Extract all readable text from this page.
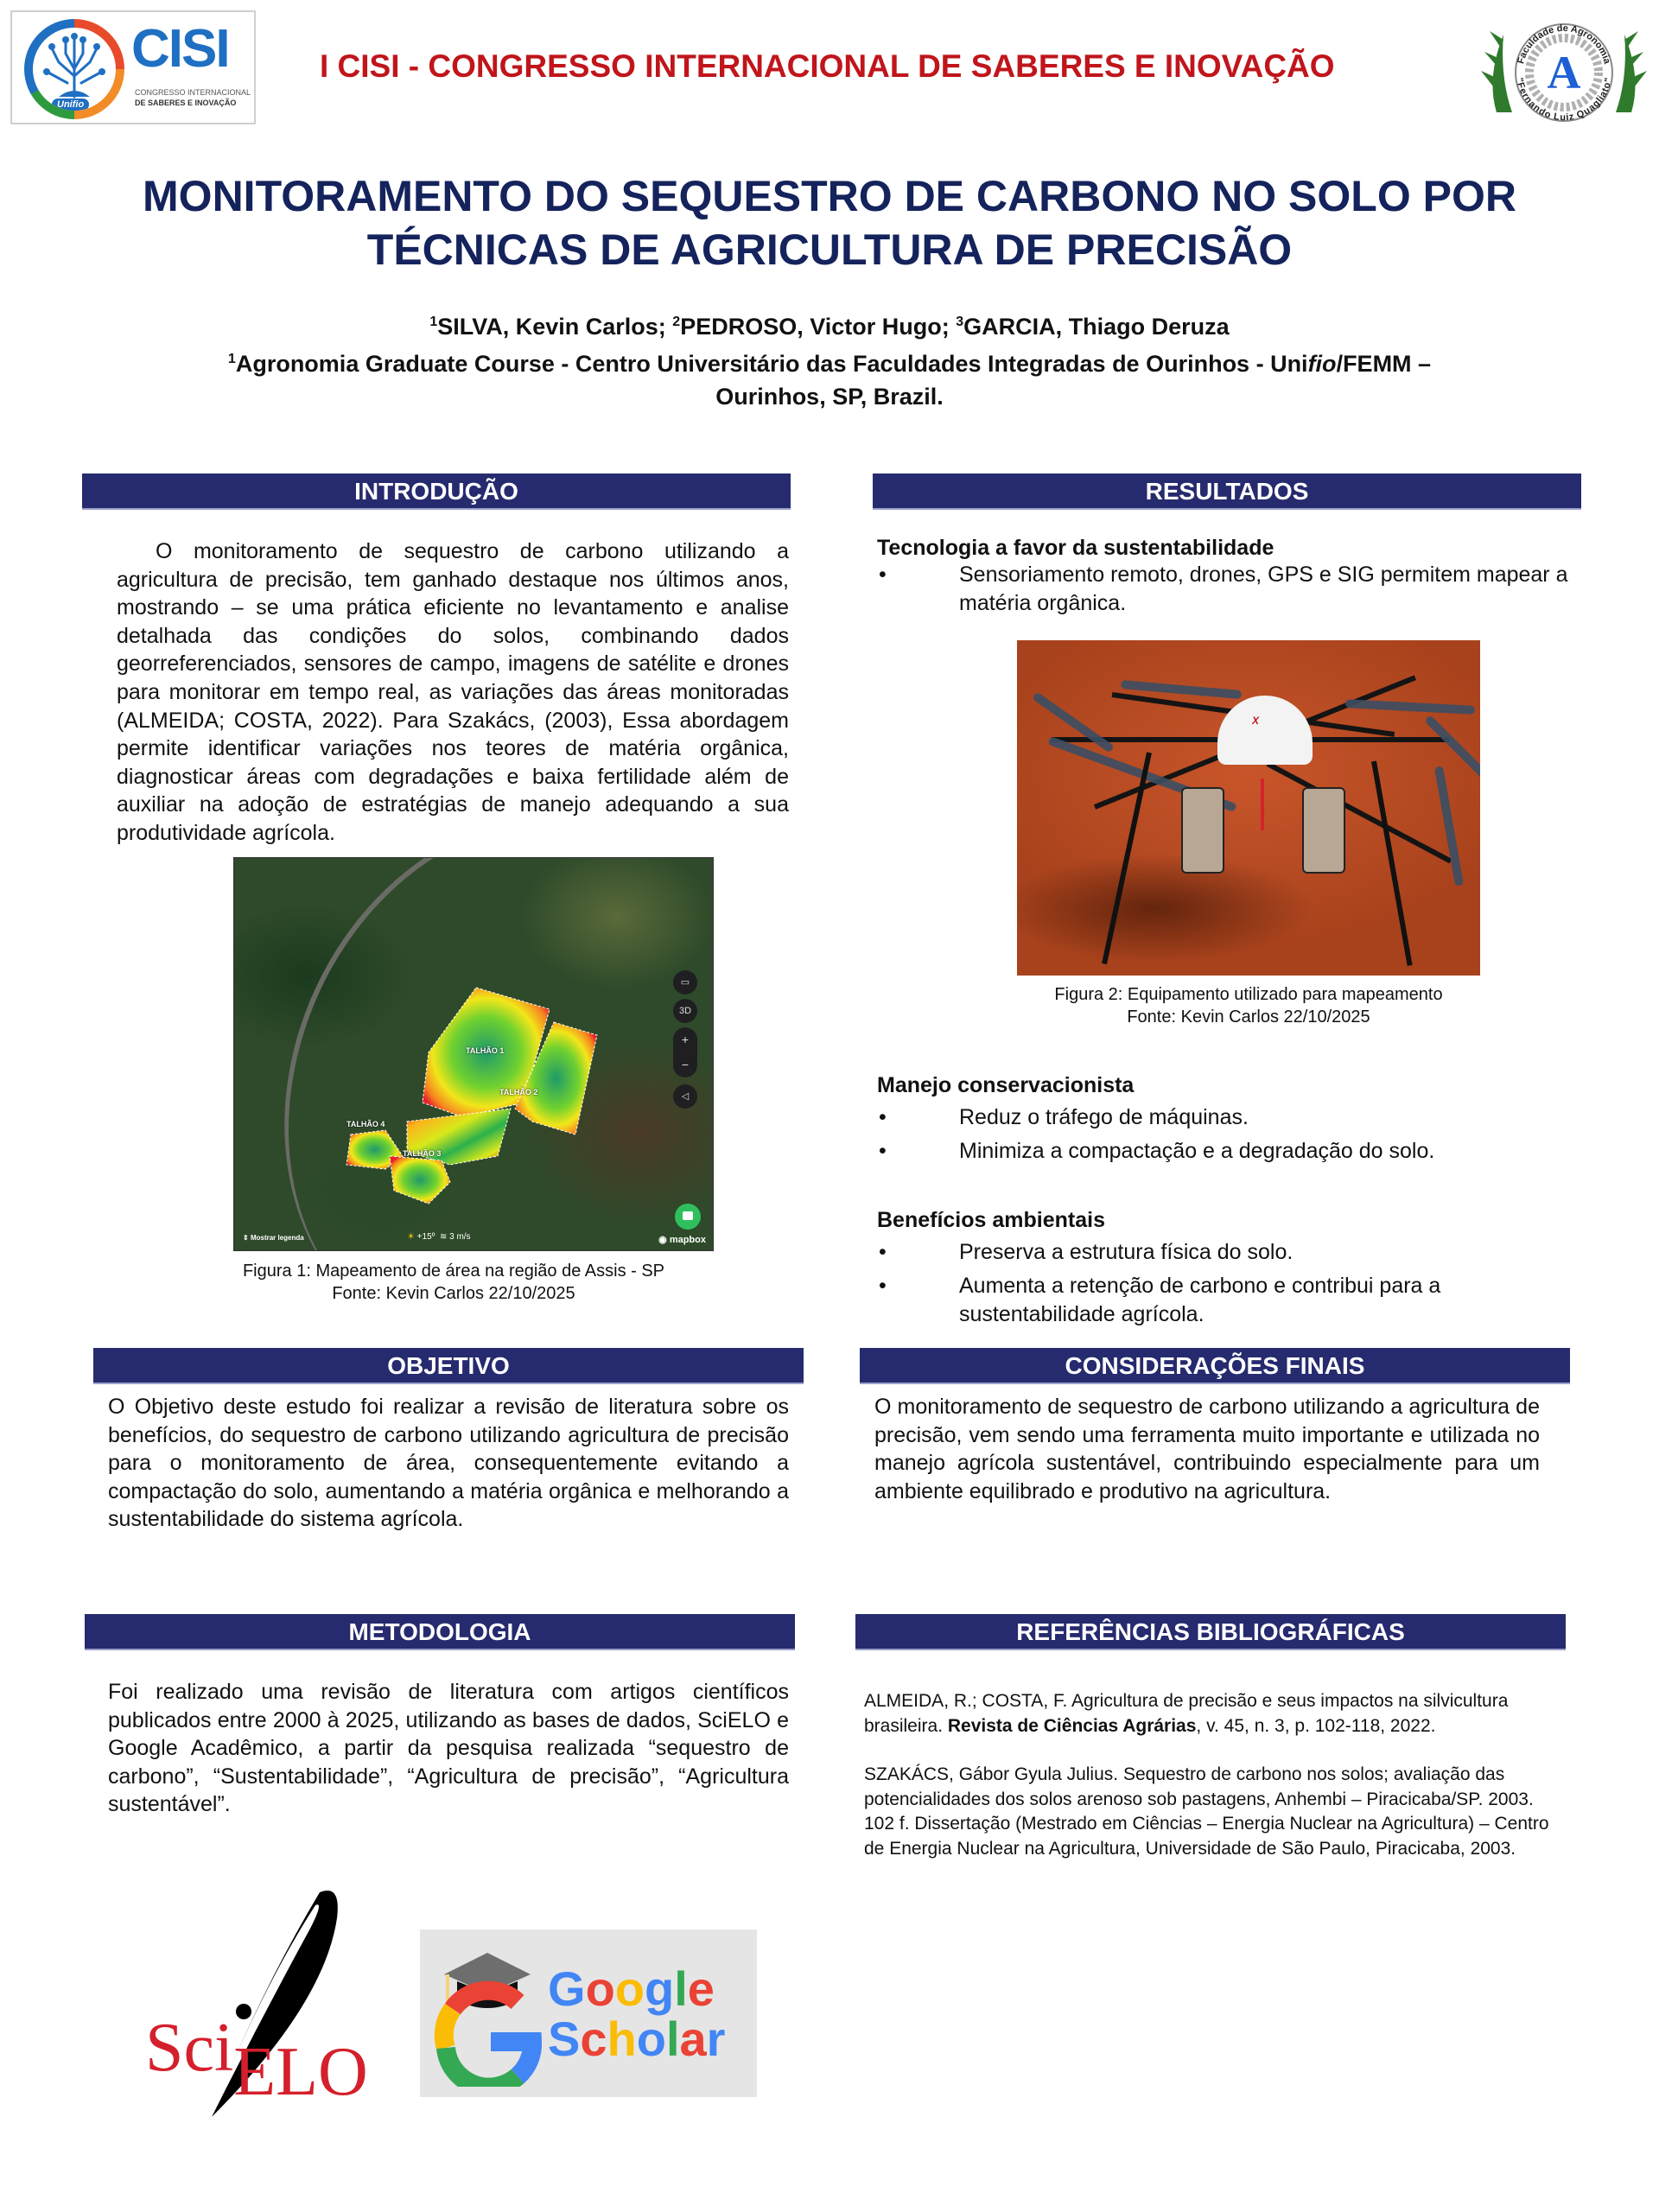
Unifio
CISI
CONGRESSO INTERNACIONAL
DE SABERES E INOVAÇÃO
I CISI - CONGRESSO INTERNACIONAL DE SABERES E INOVAÇÃO	A
Faculdade de Agronomia
"Fernando Luiz Quagliato"
MONITORAMENTO DO SEQUESTRO DE CARBONO NO SOLO POR
TÉCNICAS DE AGRICULTURA DE PRECISÃO
$^1$SILVA, Kevin Carlos; $^2$PEDROSO, Victor Hugo; $^3$GARCIA, Thiago Deruza
$^1$Agronomia Graduate Course - Centro Universitário das Faculdades Integradas de Ourinhos - Unifio/FEMM –
Ourinhos, SP, Brazil.
INTRODUÇÃO
O monitoramento de sequestro de carbono utilizando a agricultura de precisão, tem ganhado destaque nos últimos anos, mostrando – se uma prática eficiente no levantamento e analise detalhada das condições do solos, combinando dados georreferenciados, sensores de campo, imagens de satélite e drones para monitorar em tempo real, as variações das áreas monitoradas (ALMEIDA; COSTA, 2022). Para Szakács, (2003), Essa abordagem permite identificar variações nos teores de matéria orgânica, diagnosticar áreas com degradações e baixa fertilidade além de auxiliar na adoção de estratégias de manejo adequando a sua produtividade agrícola.
TALHÃO 1
TALHÃO 2
TALHÃO 3
TALHÃO 4
▭
3D
+
−
◁
⇕ Mostrar legenda	☀ +15º ≋ 3 m/s	◉ mapbox
Figura 1: Mapeamento de área na região de Assis - SP
Fonte: Kevin Carlos 22/10/2025
RESULTADOS
Tecnologia a favor da sustentabilidade
•	Sensoriamento remoto, drones, GPS e SIG permitem mapear a matéria orgânica.
X
Figura 2: Equipamento utilizado para mapeamento
Fonte: Kevin Carlos 22/10/2025
Manejo conservacionista
•	Reduz o tráfego de máquinas.
•	Minimiza a compactação e a degradação do solo.
Benefícios ambientais
•	Preserva a estrutura física do solo.
•	Aumenta a retenção de carbono e contribui para a sustentabilidade agrícola.
OBJETIVO
O Objetivo deste estudo foi realizar a revisão de literatura sobre os benefícios, do sequestro de carbono utilizando agricultura de precisão para o monitoramento de área, consequentemente evitando a compactação do solo, aumentando a matéria orgânica e melhorando a sustentabilidade do sistema agrícola.
CONSIDERAÇÕES FINAIS
O monitoramento de sequestro de carbono utilizando a agricultura de precisão, vem sendo uma ferramenta muito importante e utilizada no manejo agrícola sustentável, contribuindo especialmente para um ambiente equilibrado e produtivo na agricultura.
METODOLOGIA
Foi realizado uma revisão de literatura com artigos científicos publicados entre 2000 à 2025, utilizando as bases de dados, SciELO e Google Acadêmico, a partir da pesquisa realizada “sequestro de carbono”, “Sustentabilidade”, “Agricultura de precisão”, “Agricultura sustentável”.
SciELO
Google
Scholar
REFERÊNCIAS BIBLIOGRÁFICAS

ALMEIDA, R.; COSTA, F. Agricultura de precisão e seus impactos na silvicultura brasileira. Revista de Ciências Agrárias, v. 45, n. 3, p. 102-118, 2022.

SZAKÁCS, Gábor Gyula Julius. Sequestro de carbono nos solos; avaliação das potencialidades dos solos arenoso sob pastagens, Anhembi – Piracicaba/SP. 2003. 102 f. Dissertação (Mestrado em Ciências – Energia Nuclear na Agricultura) – Centro de Energia Nuclear na Agricultura, Universidade de São Paulo, Piracicaba, 2003.
